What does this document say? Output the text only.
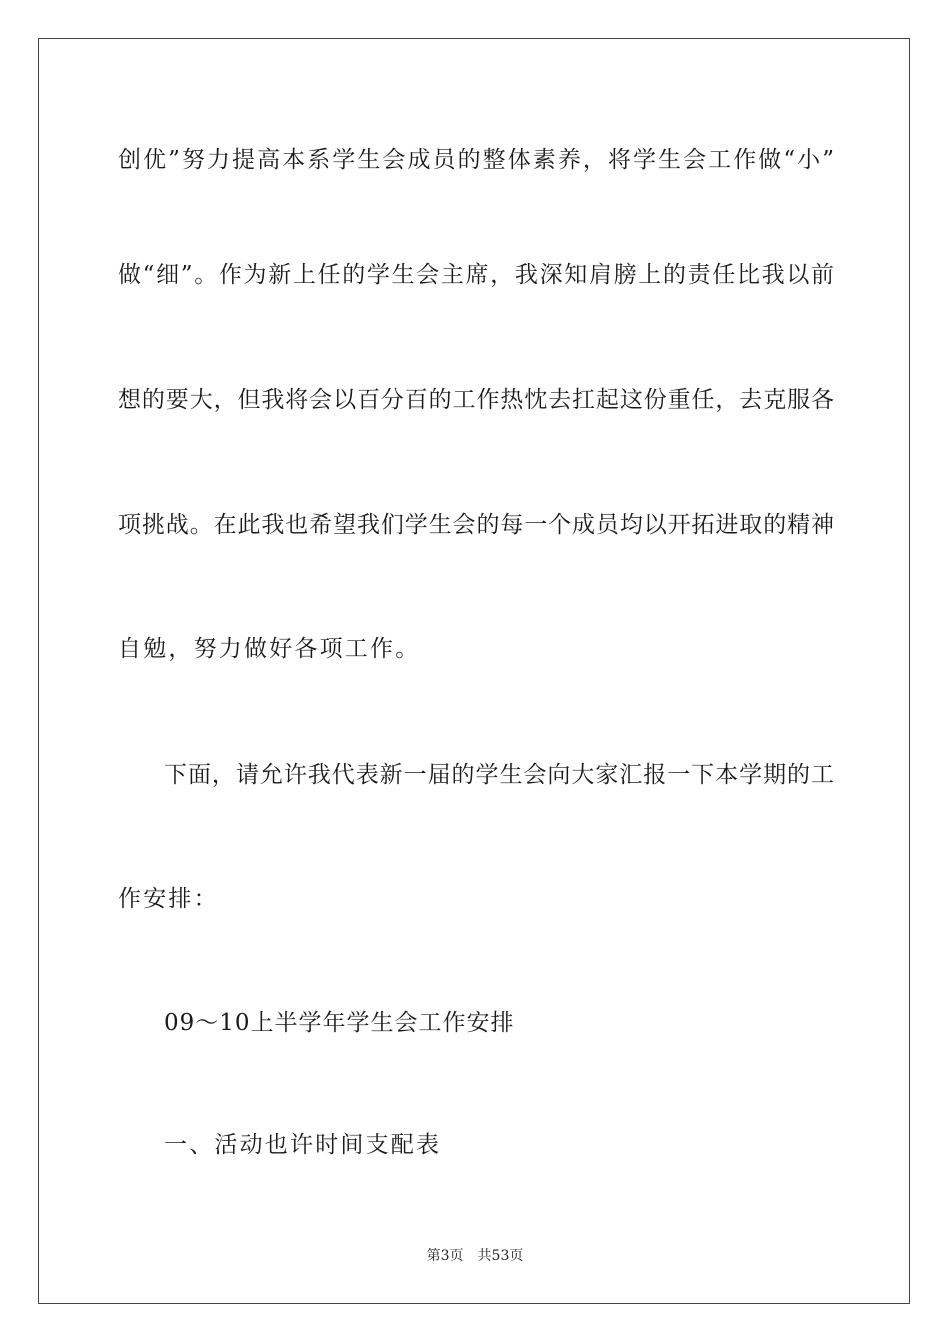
创优”努力提高本系学生会成员的整体素养，将学生会工作做“小”
做“细”。作为新上任的学生会主席，我深知肩膀上的责任比我以前
想的要大，但我将会以百分百的工作热忱去扛起这份重任，去克服各
项挑战。在此我也希望我们学生会的每一个成员均以开拓进取的精神
自勉，努力做好各项工作。
下面，请允许我代表新一届的学生会向大家汇报一下本学期的工
作安排：
09～10上半学年学生会工作安排
一、活动也许时间支配表
第3页 共53页
